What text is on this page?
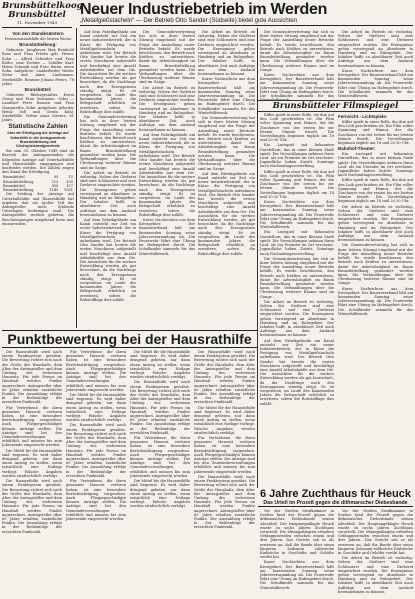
Brunsbüttelkoog
Brunsbüttel
11. November 1949
Neuer Industriebetrieb im Werden
„Metallgießstacheln“ — Der Betrieb Otto Sander (Südseite) bietet gute Aussichten
Von den Standesämtern
Personenstandsfälle der letzten Woche
Brunsbüttelkoog:

Geburten: Jungbauer Max Reinhold Rose und Frau Frieda geb. Heuer, Sohn — Alfred Schröder und Frau Käthe, eine Tochter — Schiffer Karl-Heinz Schmidt und Frau Emmi, einen Sohn. Aufgebote: Landarbeiter Walter Meier und Anna Lindemann. Sterbefälle: Rentner Johann Peters, 78 Jahre.

Brunsbüttel:

Geburten: Bildergestalter Horst Georg und Frau Marianne, Sohn — Landwirt Peter Hansen und Frau Margarethe, Sohn. Aufgebote: Arbeiter Heinz Voß und Gerda Kühl. Sterbefälle: Witwe Anna Sievers, 81 Jahre.

Statistische Zahlen
über die Erledigung der Anträge auf Soforthilfe in der Amtsgemeinde Brunsbüttelkoog und Kirchspielslandgemeinde

Bis zum 31. Oktober 1949 sind im Bereich der Amtsgemeinden die folgenden Anträge auf Unterhaltshilfe und Hausrathilfe eingegangen und bearbeitet worden. Die Zahlen zeigen den Stand der Erledigung.

Brunsbüttel	95	15
Brunsbüttelkoog	213	105
Brunsbüttel	955	157
Brunsbüttelkoog	1145	1061

Die Prüfung der Anträge auf Unterhaltshilfe und Hausrathilfe hat ergeben, daß ein großer Teil der Antragsteller noch fehlende Unterlagen beibringen muß. Die Antragsteller werden gebeten, die Bescheinigungen umgehend beim Amt einzureichen.

Auf dem Fabrikgelände am Kanal entsteht zur Zeit ein neuer Industriebetrieb, der in Kürze die Fertigung von Metallgießstacheln aufnehmen wird. Der Betrieb Otto Sander hat bereits die ersten Maschinen aufgestellt und beschäftigt eine Anzahl Arbeitskräfte aus dem Ort. Die Aussichten für die weitere Entwicklung werden als gut bezeichnet, da die Nachfrage nach den Erzeugnissen ständig steigt. Es ist vorgesehen, im Laufe des kommenden Jahres die Belegschaft erheblich zu erweitern, sofern die Rohstofflage dies zuläßt.

Die Gemeindevertretung hat sich in ihrer letzten Sitzung eingehend mit der Frage der Ansiedlung neuer Betriebe befaßt. Es wurde beschlossen, den Betrieb nach Kräften zu unterstützen, damit die Arbeitslosigkeit im Raum Brunsbüttelkoog gemindert werden kann. Die Verhandlungen über die Überlassung weiterer Räume sind im Gange.

Die Arbeit im Betrieb ist vielseitig. Neben der Gießerei sind eine Schlosserei und eine Dreherei eingerichtet worden. Die Erzeugnisse gehen vorwiegend an Abnehmer in Hamburg und im Ruhrgebiet. Der Inhaber hofft, in absehbarer Zeit auch Aufträge aus dem Ausland hereinnehmen zu können.

Auf dem Fabrikgelände am Kanal entsteht zur Zeit ein neuer Industriebetrieb, der in Kürze die Fertigung von Metallgießstacheln aufnehmen wird. Der Betrieb Otto Sander hat bereits die ersten Maschinen aufgestellt und beschäftigt eine Anzahl Arbeitskräfte aus dem Ort. Die Aussichten für die weitere Entwicklung werden als gut bezeichnet, da die Nachfrage nach den Erzeugnissen ständig steigt. Es ist vorgesehen, im Laufe des kommenden Jahres die Belegschaft erheblich zu erweitern, sofern die Rohstofflage dies zuläßt.

Die Gemeindevertretung hat sich in ihrer letzten Sitzung eingehend mit der Frage der Ansiedlung neuer Betriebe befaßt. Es wurde beschlossen, den Betrieb nach Kräften zu unterstützen, damit die Arbeitslosigkeit im Raum Brunsbüttelkoog gemindert werden kann. Die Verhandlungen über die Überlassung weiterer Räume sind im Gange.

Die Arbeit im Betrieb ist vielseitig. Neben der Gießerei sind eine Schlosserei und eine Dreherei eingerichtet worden. Die Erzeugnisse gehen vorwiegend an Abnehmer in Hamburg und im Ruhrgebiet. Der Inhaber hofft, in absehbarer Zeit auch Aufträge aus dem Ausland hereinnehmen zu können.

Auf dem Fabrikgelände am Kanal entsteht zur Zeit ein neuer Industriebetrieb, der in Kürze die Fertigung von Metallgießstacheln aufnehmen wird. Der Betrieb Otto Sander hat bereits die ersten Maschinen aufgestellt und beschäftigt eine Anzahl Arbeitskräfte aus dem Ort. Die Aussichten für die weitere Entwicklung werden als gut bezeichnet, da die Nachfrage nach den Erzeugnissen ständig steigt. Es ist vorgesehen, im Laufe des kommenden Jahres die Belegschaft erheblich zu erweitern, sofern die Rohstofflage dies zuläßt.

Kurze Nachrichten aus dem Kreisgebiet: Der Bauernverband hält am kommenden Sonntag seine Jahresversammlung ab. Die Feuerwehr führt eine Übung im Hafengebiet durch. Die Schulkinder sammeln für das Winterhilfswerk.

Die Arbeit im Betrieb ist vielseitig. Neben der Gießerei sind eine Schlosserei und eine Dreherei eingerichtet worden. Die Erzeugnisse gehen vorwiegend an Abnehmer in Hamburg und im Ruhrgebiet. Der Inhaber hofft, in absehbarer Zeit auch Aufträge aus dem Ausland hereinnehmen zu können.

Kurze Nachrichten aus dem Kreisgebiet: Der Bauernverband hält am kommenden Sonntag seine Jahresversammlung ab. Die Feuerwehr führt eine Übung im Hafengebiet durch. Die Schulkinder sammeln für das Winterhilfswerk.

Die Gemeindevertretung hat sich in ihrer letzten Sitzung eingehend mit der Frage der Ansiedlung neuer Betriebe befaßt. Es wurde beschlossen, den Betrieb nach Kräften zu unterstützen, damit die Arbeitslosigkeit im Raum Brunsbüttelkoog gemindert werden kann. Die Verhandlungen über die Überlassung weiterer Räume sind im Gange.

Auf dem Fabrikgelände am Kanal entsteht zur Zeit ein neuer Industriebetrieb, der in Kürze die Fertigung von Metallgießstacheln aufnehmen wird. Der Betrieb Otto Sander hat bereits die ersten Maschinen aufgestellt und beschäftigt eine Anzahl Arbeitskräfte aus dem Ort. Die Aussichten für die weitere Entwicklung werden als gut bezeichnet, da die Nachfrage nach den Erzeugnissen ständig steigt. Es ist vorgesehen, im Laufe des kommenden Jahres die Belegschaft erheblich zu erweitern, sofern die Rohstofflage dies zuläßt.

Die Gemeindevertretung hat sich in ihrer letzten Sitzung eingehend mit der Frage der Ansiedlung neuer Betriebe befaßt. Es wurde beschlossen, den Betrieb nach Kräften zu unterstützen, damit die Arbeitslosigkeit im Raum Brunsbüttelkoog gemindert werden kann. Die Verhandlungen über die Überlassung weiterer Räume sind im Gange.

Kurze Nachrichten aus dem Kreisgebiet: Der Bauernverband hält am kommenden Sonntag seine Jahresversammlung ab. Die Feuerwehr führt eine Übung im Hafengebiet durch. Die Schulkinder sammeln für das Winterhilfswerk.

Die Arbeit im Betrieb ist vielseitig. Neben der Gießerei sind eine Schlosserei und eine Dreherei eingerichtet worden. Die Erzeugnisse gehen vorwiegend an Abnehmer in Hamburg und im Ruhrgebiet. Der Inhaber hofft, in absehbarer Zeit auch Aufträge aus dem Ausland hereinnehmen zu können.

Kurze Nachrichten aus dem Kreisgebiet: Der Bauernverband hält am kommenden Sonntag seine Jahresversammlung ab. Die Feuerwehr führt eine Übung im Hafengebiet durch. Die Schulkinder sammeln für das Winterhilfswerk.

Brunsbütteler Filmspiegel

Kiffer spielt in einer Rolle, die ihm auf den Leib geschrieben ist. Ein Film voller Spannung und Humor, der die Zuschauer von der ersten bis zur letzten Minute fesselt. Die Vorstellungen beginnen täglich um 18 und 20.30 Uhr.

Ein Lustspiel mit bekannten Darstellern, das in einer kleinen Stadt spielt. Die Verwicklungen nehmen ihren Lauf, als ein Fremder im Ort erscheint. Jugendliche haben Zutritt. Sonntags auch Nachmittagsvorstellung.

Kiffer spielt in einer Rolle, die ihm auf den Leib geschrieben ist. Ein Film voller Spannung und Humor, der die Zuschauer von der ersten bis zur letzten Minute fesselt. Die Vorstellungen beginnen täglich um 18 und 20.30 Uhr.

Kurze Nachrichten aus dem Kreisgebiet: Der Bauernverband hält am kommenden Sonntag seine Jahresversammlung ab. Die Feuerwehr führt eine Übung im Hafengebiet durch. Die Schulkinder sammeln für das Winterhilfswerk.

Ein Lustspiel mit bekannten Darstellern, das in einer kleinen Stadt spielt. Die Verwicklungen nehmen ihren Lauf, als ein Fremder im Ort erscheint. Jugendliche haben Zutritt. Sonntags auch Nachmittagsvorstellung.

Die Gemeindevertretung hat sich in ihrer letzten Sitzung eingehend mit der Frage der Ansiedlung neuer Betriebe befaßt. Es wurde beschlossen, den Betrieb nach Kräften zu unterstützen, damit die Arbeitslosigkeit im Raum Brunsbüttelkoog gemindert werden kann. Die Verhandlungen über die Überlassung weiterer Räume sind im Gange.

Die Arbeit im Betrieb ist vielseitig. Neben der Gießerei sind eine Schlosserei und eine Dreherei eingerichtet worden. Die Erzeugnisse gehen vorwiegend an Abnehmer in Hamburg und im Ruhrgebiet. Der Inhaber hofft, in absehbarer Zeit auch Aufträge aus dem Ausland hereinnehmen zu können.

Auf dem Fabrikgelände am Kanal entsteht zur Zeit ein neuer Industriebetrieb, der in Kürze die Fertigung von Metallgießstacheln aufnehmen wird. Der Betrieb Otto Sander hat bereits die ersten Maschinen aufgestellt und beschäftigt eine Anzahl Arbeitskräfte aus dem Ort. Die Aussichten für die weitere Entwicklung werden als gut bezeichnet, da die Nachfrage nach den Erzeugnissen ständig steigt. Es ist vorgesehen, im Laufe des kommenden Jahres die Belegschaft erheblich zu erweitern, sofern die Rohstofflage dies zuläßt.

Fernsicht - Lichtspiele:

Kiffer spielt in einer Rolle, die ihm auf den Leib geschrieben ist. Ein Film voller Spannung und Humor, der die Zuschauer von der ersten bis zur letzten Minute fesselt. Die Vorstellungen beginnen täglich um 18 und 20.30 Uhr.

Bahnhof-Theater:

Ein Lustspiel mit bekannten Darstellern, das in einer kleinen Stadt spielt. Die Verwicklungen nehmen ihren Lauf, als ein Fremder im Ort erscheint. Jugendliche haben Zutritt. Sonntags auch Nachmittagsvorstellung.

Kiffer spielt in einer Rolle, die ihm auf den Leib geschrieben ist. Ein Film voller Spannung und Humor, der die Zuschauer von der ersten bis zur letzten Minute fesselt. Die Vorstellungen beginnen täglich um 18 und 20.30 Uhr.

Die Arbeit im Betrieb ist vielseitig. Neben der Gießerei sind eine Schlosserei und eine Dreherei eingerichtet worden. Die Erzeugnisse gehen vorwiegend an Abnehmer in Hamburg und im Ruhrgebiet. Der Inhaber hofft, in absehbarer Zeit auch Aufträge aus dem Ausland hereinnehmen zu können.

Die Gemeindevertretung hat sich in ihrer letzten Sitzung eingehend mit der Frage der Ansiedlung neuer Betriebe befaßt. Es wurde beschlossen, den Betrieb nach Kräften zu unterstützen, damit die Arbeitslosigkeit im Raum Brunsbüttelkoog gemindert werden kann. Die Verhandlungen über die Überlassung weiterer Räume sind im Gange.

Kurze Nachrichten aus dem Kreisgebiet: Der Bauernverband hält am kommenden Sonntag seine Jahresversammlung ab. Die Feuerwehr führt eine Übung im Hafengebiet durch. Die Schulkinder sammeln für das Winterhilfswerk.

Punktbewertung bei der Hausrathilfe

Die Hausrathilfe wird nach einem Punktsystem gewährt. Die Bewertung richtet sich nach der Größe des Haushalts, dem Alter der Antragsteller und dem Umfang des verlorenen Hausrats. Für jede Person im Haushalt werden Punkte angerechnet. Antragsteller über 65 Jahre erhalten zusätzliche Punkte. Die Auszahlung erfolgt in der Reihenfolge der erreichten Punktzahl.

Für Vertriebene, die ihren gesamten Hausrat verloren haben, ist eine besondere Berücksichtigung vorgesehen. Auch Fliegergeschädigte können Anträge stellen. Die Anträge sind bei den Gemeindeverwaltungen erhältlich und müssen bis zum Jahresende eingereicht werden.

Die Mittel für die Hausrathilfe sind begrenzt. Es wird daher dringend gebeten, nur dann einen Antrag zu stellen, wenn tatsächlich eine Notlage vorliegt. Falsche Angaben werden strafrechtlich verfolgt.

Die Hausrathilfe wird nach einem Punktsystem gewährt. Die Bewertung richtet sich nach der Größe des Haushalts, dem Alter der Antragsteller und dem Umfang des verlorenen Hausrats. Für jede Person im Haushalt werden Punkte angerechnet. Antragsteller über 65 Jahre erhalten zusätzliche Punkte. Die Auszahlung erfolgt in der Reihenfolge der erreichten Punktzahl.

Für Vertriebene, die ihren gesamten Hausrat verloren haben, ist eine besondere Berücksichtigung vorgesehen. Auch Fliegergeschädigte können Anträge stellen. Die Anträge sind bei den Gemeindeverwaltungen erhältlich und müssen bis zum Jahresende eingereicht werden.

Die Mittel für die Hausrathilfe sind begrenzt. Es wird daher dringend gebeten, nur dann einen Antrag zu stellen, wenn tatsächlich eine Notlage vorliegt. Falsche Angaben werden strafrechtlich verfolgt.

Die Hausrathilfe wird nach einem Punktsystem gewährt. Die Bewertung richtet sich nach der Größe des Haushalts, dem Alter der Antragsteller und dem Umfang des verlorenen Hausrats. Für jede Person im Haushalt werden Punkte angerechnet. Antragsteller über 65 Jahre erhalten zusätzliche Punkte. Die Auszahlung erfolgt in der Reihenfolge der erreichten Punktzahl.

Für Vertriebene, die ihren gesamten Hausrat verloren haben, ist eine besondere Berücksichtigung vorgesehen. Auch Fliegergeschädigte können Anträge stellen. Die Anträge sind bei den Gemeindeverwaltungen erhältlich und müssen bis zum Jahresende eingereicht werden.

Die Mittel für die Hausrathilfe sind begrenzt. Es wird daher dringend gebeten, nur dann einen Antrag zu stellen, wenn tatsächlich eine Notlage vorliegt. Falsche Angaben werden strafrechtlich verfolgt.

Die Hausrathilfe wird nach einem Punktsystem gewährt. Die Bewertung richtet sich nach der Größe des Haushalts, dem Alter der Antragsteller und dem Umfang des verlorenen Hausrats. Für jede Person im Haushalt werden Punkte angerechnet. Antragsteller über 65 Jahre erhalten zusätzliche Punkte. Die Auszahlung erfolgt in der Reihenfolge der erreichten Punktzahl.

Für Vertriebene, die ihren gesamten Hausrat verloren haben, ist eine besondere Berücksichtigung vorgesehen. Auch Fliegergeschädigte können Anträge stellen. Die Anträge sind bei den Gemeindeverwaltungen erhältlich und müssen bis zum Jahresende eingereicht werden.

Die Mittel für die Hausrathilfe sind begrenzt. Es wird daher dringend gebeten, nur dann einen Antrag zu stellen, wenn tatsächlich eine Notlage vorliegt. Falsche Angaben werden strafrechtlich verfolgt.

Die Hausrathilfe wird nach einem Punktsystem gewährt. Die Bewertung richtet sich nach der Größe des Haushalts, dem Alter der Antragsteller und dem Umfang des verlorenen Hausrats. Für jede Person im Haushalt werden Punkte angerechnet. Antragsteller über 65 Jahre erhalten zusätzliche Punkte. Die Auszahlung erfolgt in der Reihenfolge der erreichten Punktzahl.

Die Mittel für die Hausrathilfe sind begrenzt. Es wird daher dringend gebeten, nur dann einen Antrag zu stellen, wenn tatsächlich eine Notlage vorliegt. Falsche Angaben werden strafrechtlich verfolgt.

Für Vertriebene, die ihren gesamten Hausrat verloren haben, ist eine besondere Berücksichtigung vorgesehen. Auch Fliegergeschädigte können Anträge stellen. Die Anträge sind bei den Gemeindeverwaltungen erhältlich und müssen bis zum Jahresende eingereicht werden.

Die Hausrathilfe wird nach einem Punktsystem gewährt. Die Bewertung richtet sich nach der Größe des Haushalts, dem Alter der Antragsteller und dem Umfang des verlorenen Hausrats. Für jede Person im Haushalt werden Punkte angerechnet. Antragsteller über 65 Jahre erhalten zusätzliche Punkte. Die Auszahlung erfolgt in der Reihenfolge der erreichten Punktzahl.

6 Jahre Zuchthaus für Heuck
Das Urteil im Prozeß gegen die dithmarscher Diebesbande

Vor der Großen Strafkammer in Itzehoe fand der Prozeß gegen die dithmarscher Diebesbande seinen Abschluß. Der Hauptangeklagte Heuck wurde zu sechs Jahren Zuchthaus verurteilt. Die Mitangeklagten erhielten Gefängnisstrafen zwischen einem und drei Jahren. Das Gericht sah es als erwiesen an, daß die Bande über einen längeren Zeitraum zahlreiche Einbrüche in Geschäfte und Gehöfte verübt hat.

Kurze Nachrichten aus dem Kreisgebiet: Der Bauernverband hält am kommenden Sonntag seine Jahresversammlung ab. Die Feuerwehr führt eine Übung im Hafengebiet durch. Die Schulkinder sammeln für das Winterhilfswerk.

Vor der Großen Strafkammer in Itzehoe fand der Prozeß gegen die dithmarscher Diebesbande seinen Abschluß. Der Hauptangeklagte Heuck wurde zu sechs Jahren Zuchthaus verurteilt. Die Mitangeklagten erhielten Gefängnisstrafen zwischen einem und drei Jahren. Das Gericht sah es als erwiesen an, daß die Bande über einen längeren Zeitraum zahlreiche Einbrüche in Geschäfte und Gehöfte verübt hat.

Die Arbeit im Betrieb ist vielseitig. Neben der Gießerei sind eine Schlosserei und eine Dreherei eingerichtet worden. Die Erzeugnisse gehen vorwiegend an Abnehmer in Hamburg und im Ruhrgebiet. Der Inhaber hofft, in absehbarer Zeit auch Aufträge aus dem Ausland hereinnehmen zu können.
